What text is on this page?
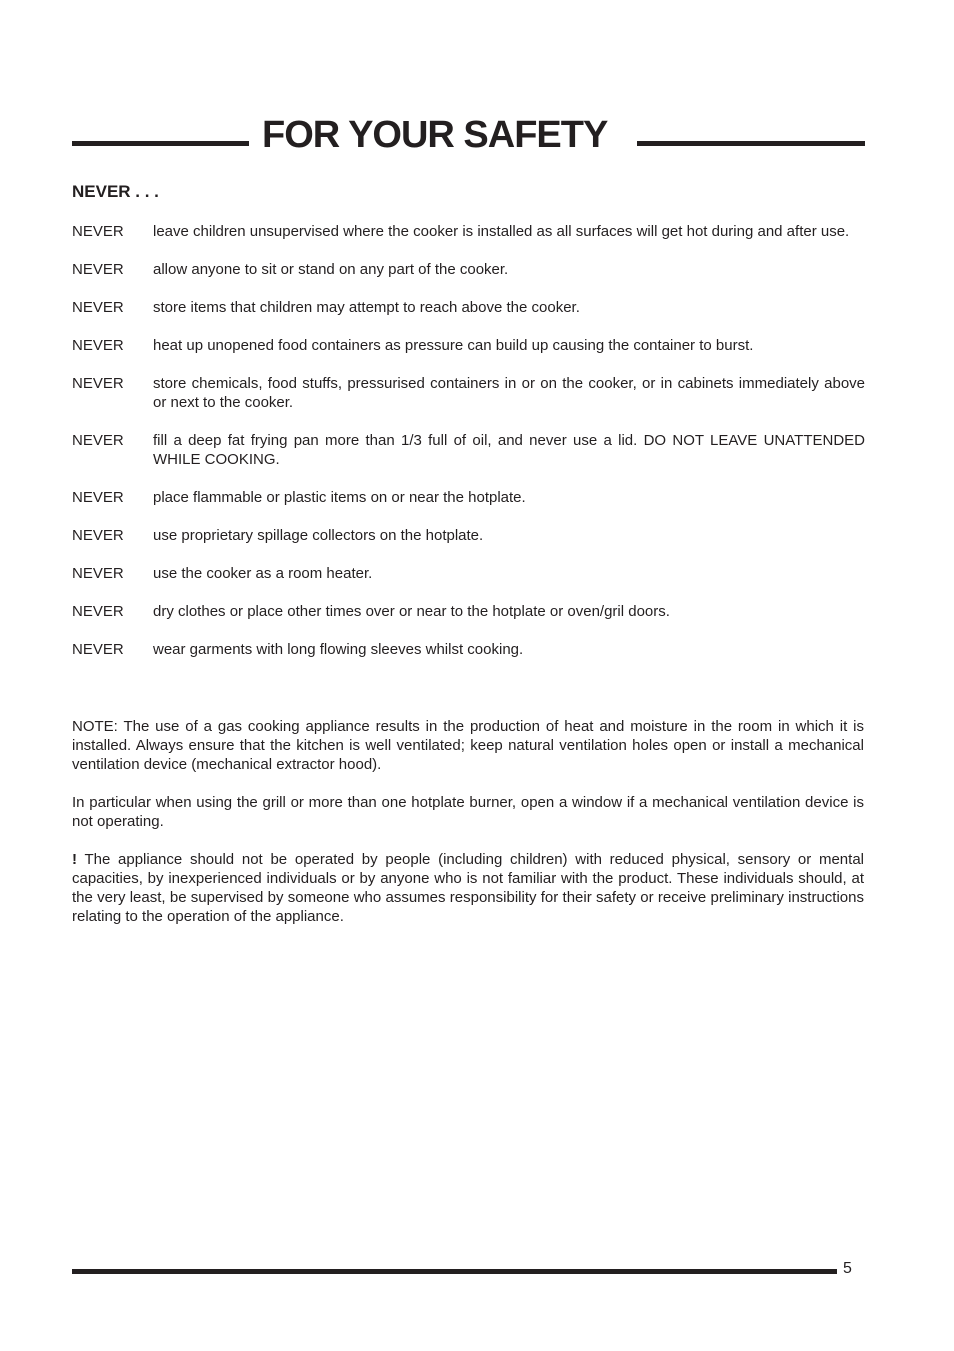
FOR YOUR SAFETY
NEVER . . .
NEVER	leave children unsupervised where the cooker is installed as all surfaces will get hot during and after use.
NEVER	allow anyone to sit or stand on any part of the cooker.
NEVER	store items that children may attempt to reach above the cooker.
NEVER	heat up unopened food containers as pressure can build up causing the container to burst.
NEVER	store chemicals, food stuffs, pressurised containers in or on the cooker, or in cabinets immediately above or next to the cooker.
NEVER	fill a deep fat frying pan more than 1/3 full of oil, and never use a lid. DO NOT LEAVE UNATTENDED WHILE COOKING.
NEVER	place flammable or plastic items on or near the hotplate.
NEVER	use proprietary spillage collectors on the hotplate.
NEVER	use the cooker as a room heater.
NEVER	dry clothes or place other times over or near to the hotplate or oven/gril doors.
NEVER	wear garments with long flowing sleeves whilst cooking.

NOTE: The use of a gas cooking appliance results in the production of heat and moisture in the room in which it is installed. Always ensure that the kitchen is well ventilated; keep natural ventilation holes open or install a mechanical ventilation device (mechanical extractor hood).

In particular when using the grill or more than one hotplate burner, open a window if a mechanical ventilation device is not operating.

! The appliance should not be operated by people (including children) with reduced physical, sensory or mental capacities, by inexperienced individuals or by anyone who is not familiar with the product. These individuals should, at the very least, be supervised by someone who assumes responsibility for their safety or receive preliminary instructions relating to the operation of the appliance.

5
